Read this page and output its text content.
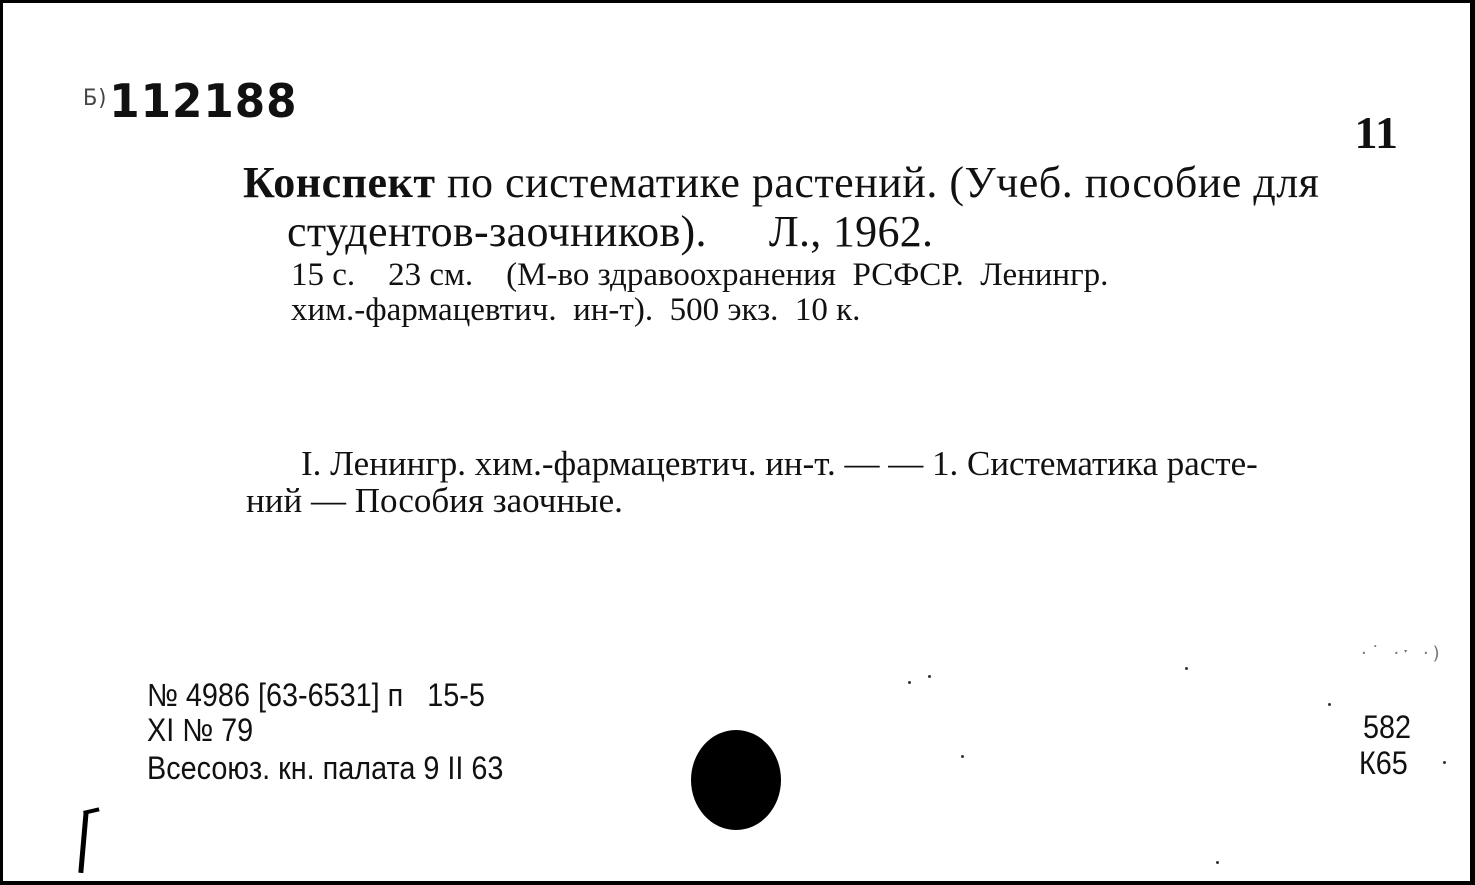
$^{Б)}$112188
11
Конспект по систематике растений. (Учеб. пособие для
студентов-заочников). Л., 1962.
15 с.    23 см.    (М-во здравоохранения  РСФСР.  Ленингр.
хим.-фармацевтич.  ин-т).  500 экз.  10 к.
I. Ленингр. хим.-фармацевтич. ин-т. — — 1. Систематика расте-
ний — Пособия заочные.
№ 4986 [63-6531] п   15-5
XI № 79
Всесоюз. кн. палата 9 II 63
582
К65
·˙ ·ˑ ·)
